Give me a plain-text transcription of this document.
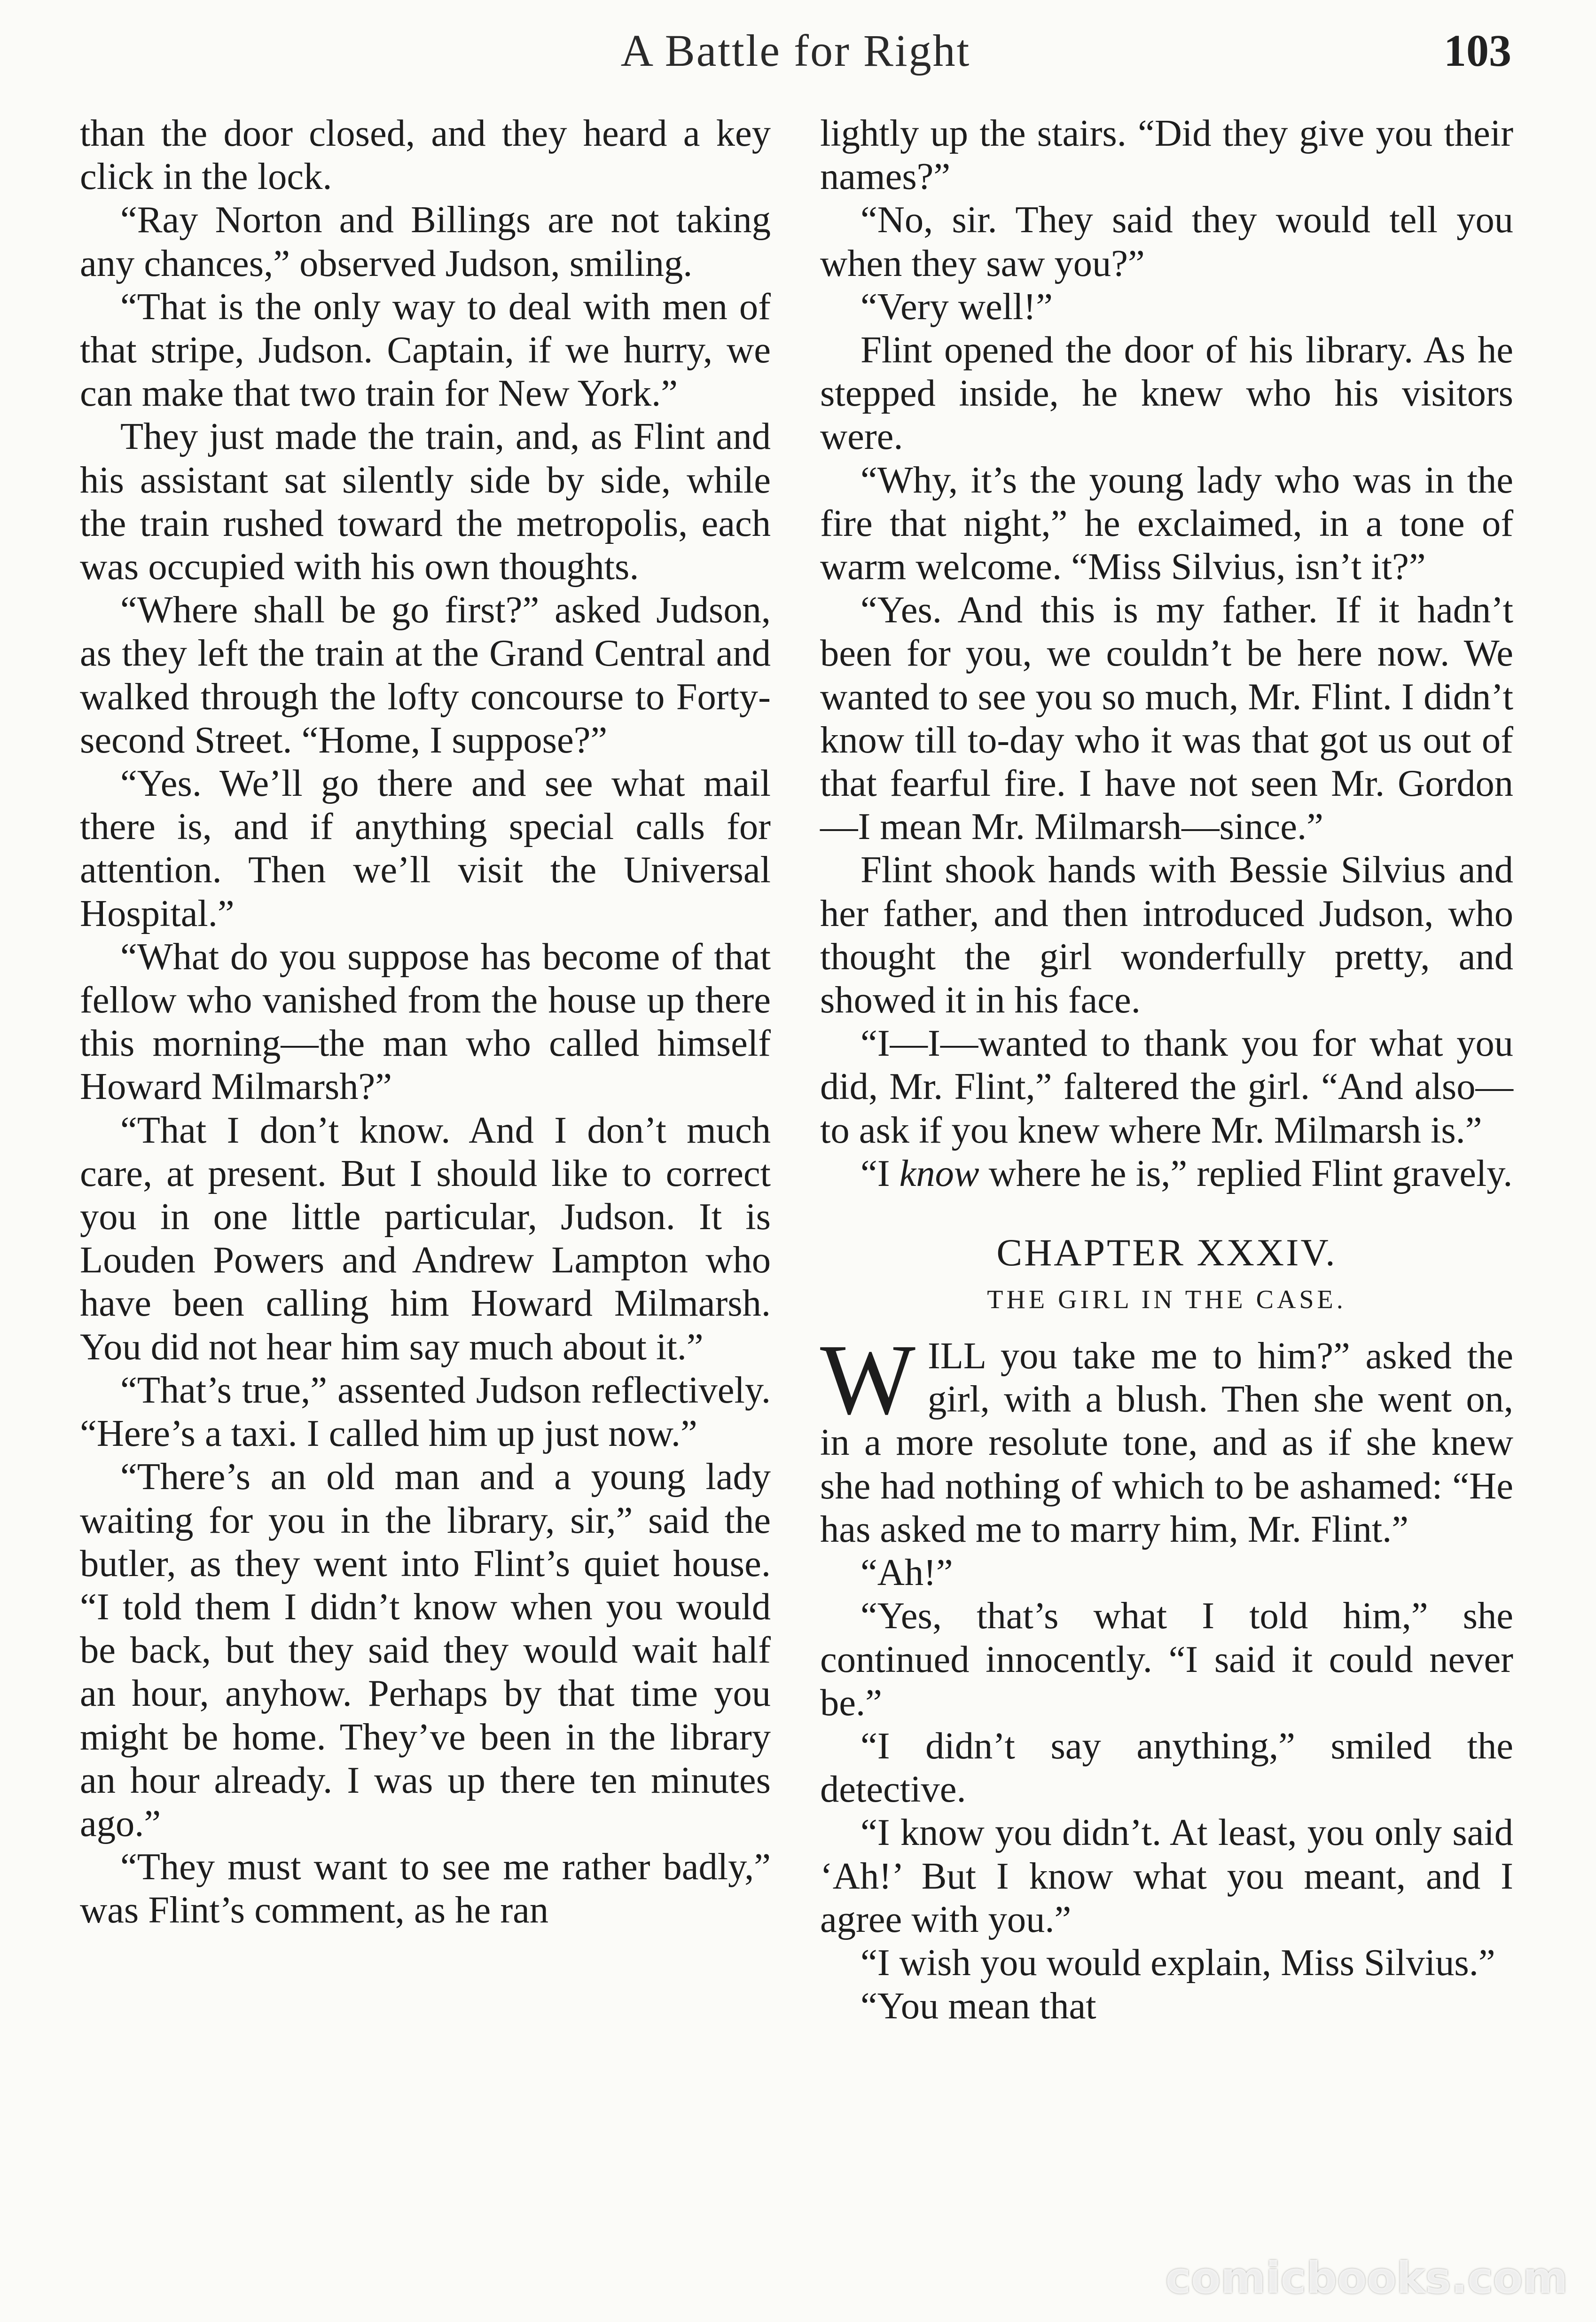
A Battle for Right	103

than the door closed, and they heard a key click in the lock.

“Ray Norton and Billings are not taking any chances,” observed Judson, smiling.

“That is the only way to deal with men of that stripe, Judson. Captain, if we hurry, we can make that two train for New York.”

They just made the train, and, as Flint and his assistant sat silently side by side, while the train rushed toward the metropolis, each was occupied with his own thoughts.

“Where shall be go first?” asked Judson, as they left the train at the Grand Central and walked through the lofty concourse to Forty-second Street. “Home, I suppose?”

“Yes. We’ll go there and see what mail there is, and if anything special calls for attention. Then we’ll visit the Universal Hospital.”

“What do you suppose has become of that fellow who vanished from the house up there this morning—the man who called himself Howard Milmarsh?”

“That I don’t know. And I don’t much care, at present. But I should like to correct you in one little particular, Judson. It is Louden Powers and Andrew Lampton who have been calling him Howard Milmarsh. You did not hear him say much about it.”

“That’s true,” assented Judson reflectively. “Here’s a taxi. I called him up just now.”

“There’s an old man and a young lady waiting for you in the library, sir,” said the butler, as they went into Flint’s quiet house. “I told them I didn’t know when you would be back, but they said they would wait half an hour, anyhow. Perhaps by that time you might be home. They’ve been in the library an hour already. I was up there ten minutes ago.”

“They must want to see me rather badly,” was Flint’s comment, as he ran

lightly up the stairs. “Did they give you their names?”

“No, sir. They said they would tell you when they saw you?”

“Very well!”

Flint opened the door of his library. As he stepped inside, he knew who his visitors were.

“Why, it’s the young lady who was in the fire that night,” he exclaimed, in a tone of warm welcome. “Miss Silvius, isn’t it?”

“Yes. And this is my father. If it hadn’t been for you, we couldn’t be here now. We wanted to see you so much, Mr. Flint. I didn’t know till to-day who it was that got us out of that fearful fire. I have not seen Mr. Gordon—I mean Mr. Milmarsh—since.”

Flint shook hands with Bessie Silvius and her father, and then introduced Judson, who thought the girl wonderfully pretty, and showed it in his face.

“I—I—wanted to thank you for what you did, Mr. Flint,” faltered the girl. “And also—to ask if you knew where Mr. Milmarsh is.”

“I know where he is,” replied Flint gravely.

CHAPTER XXXIV.
THE GIRL IN THE CASE.

WILL you take me to him?” asked the girl, with a blush. Then she went on, in a more resolute tone, and as if she knew she had nothing of which to be ashamed: “He has asked me to marry him, Mr. Flint.”

“Ah!”

“Yes, that’s what I told him,” she continued innocently. “I said it could never be.”

“I didn’t say anything,” smiled the detective.

“I know you didn’t. At least, you only said ‘Ah!’ But I know what you meant, and I agree with you.”

“I wish you would explain, Miss Silvius.”

“You mean that

comicbooks.com
